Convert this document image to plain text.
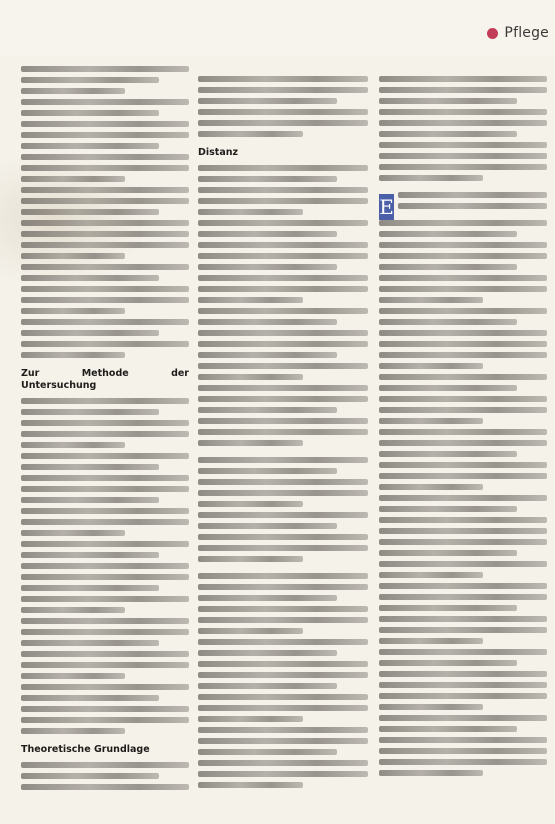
Pflege
Zur Methode der Untersuchung
Theoretische Grundlage
Distanz
E
